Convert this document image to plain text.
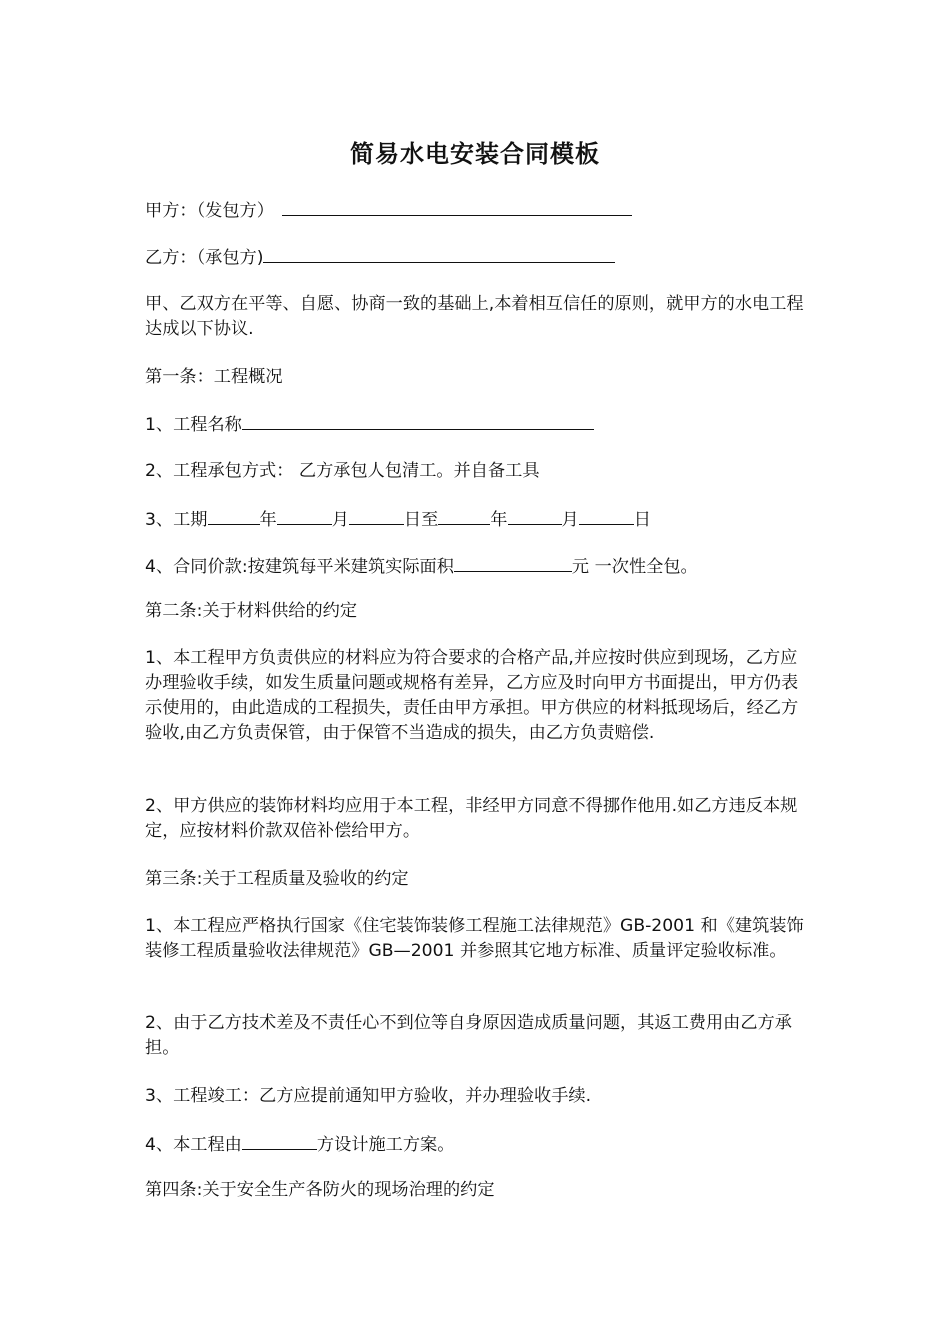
简易水电安装合同模板
甲方：（发包方）
乙方：（承包方)
甲、乙双方在平等、自愿、协商一致的基础上,本着相互信任的原则，就甲方的水电工程达成以下协议.
第一条：工程概况
1、工程名称
2、工程承包方式： 乙方承包人包清工。并自备工具
3、工期	年	月	日至	年	月	日
4、合同价款:按建筑每平米建筑实际面积	元 一次性全包。
第二条:关于材料供给的约定
1、本工程甲方负责供应的材料应为符合要求的合格产品,并应按时供应到现场，乙方应办理验收手续，如发生质量问题或规格有差异，乙方应及时向甲方书面提出，甲方仍表示使用的，由此造成的工程损失，责任由甲方承担。甲方供应的材料抵现场后，经乙方验收,由乙方负责保管，由于保管不当造成的损失，由乙方负责赔偿.
2、甲方供应的装饰材料均应用于本工程，非经甲方同意不得挪作他用.如乙方违反本规定，应按材料价款双倍补偿给甲方。
第三条:关于工程质量及验收的约定
1、本工程应严格执行国家《住宅装饰装修工程施工法律规范》GB-2001 和《建筑装饰装修工程质量验收法律规范》GB—2001 并参照其它地方标准、质量评定验收标准。
2、由于乙方技术差及不责任心不到位等自身原因造成质量问题，其返工费用由乙方承担。
3、工程竣工：乙方应提前通知甲方验收，并办理验收手续.
4、本工程由	方设计施工方案。
第四条:关于安全生产各防火的现场治理的约定
